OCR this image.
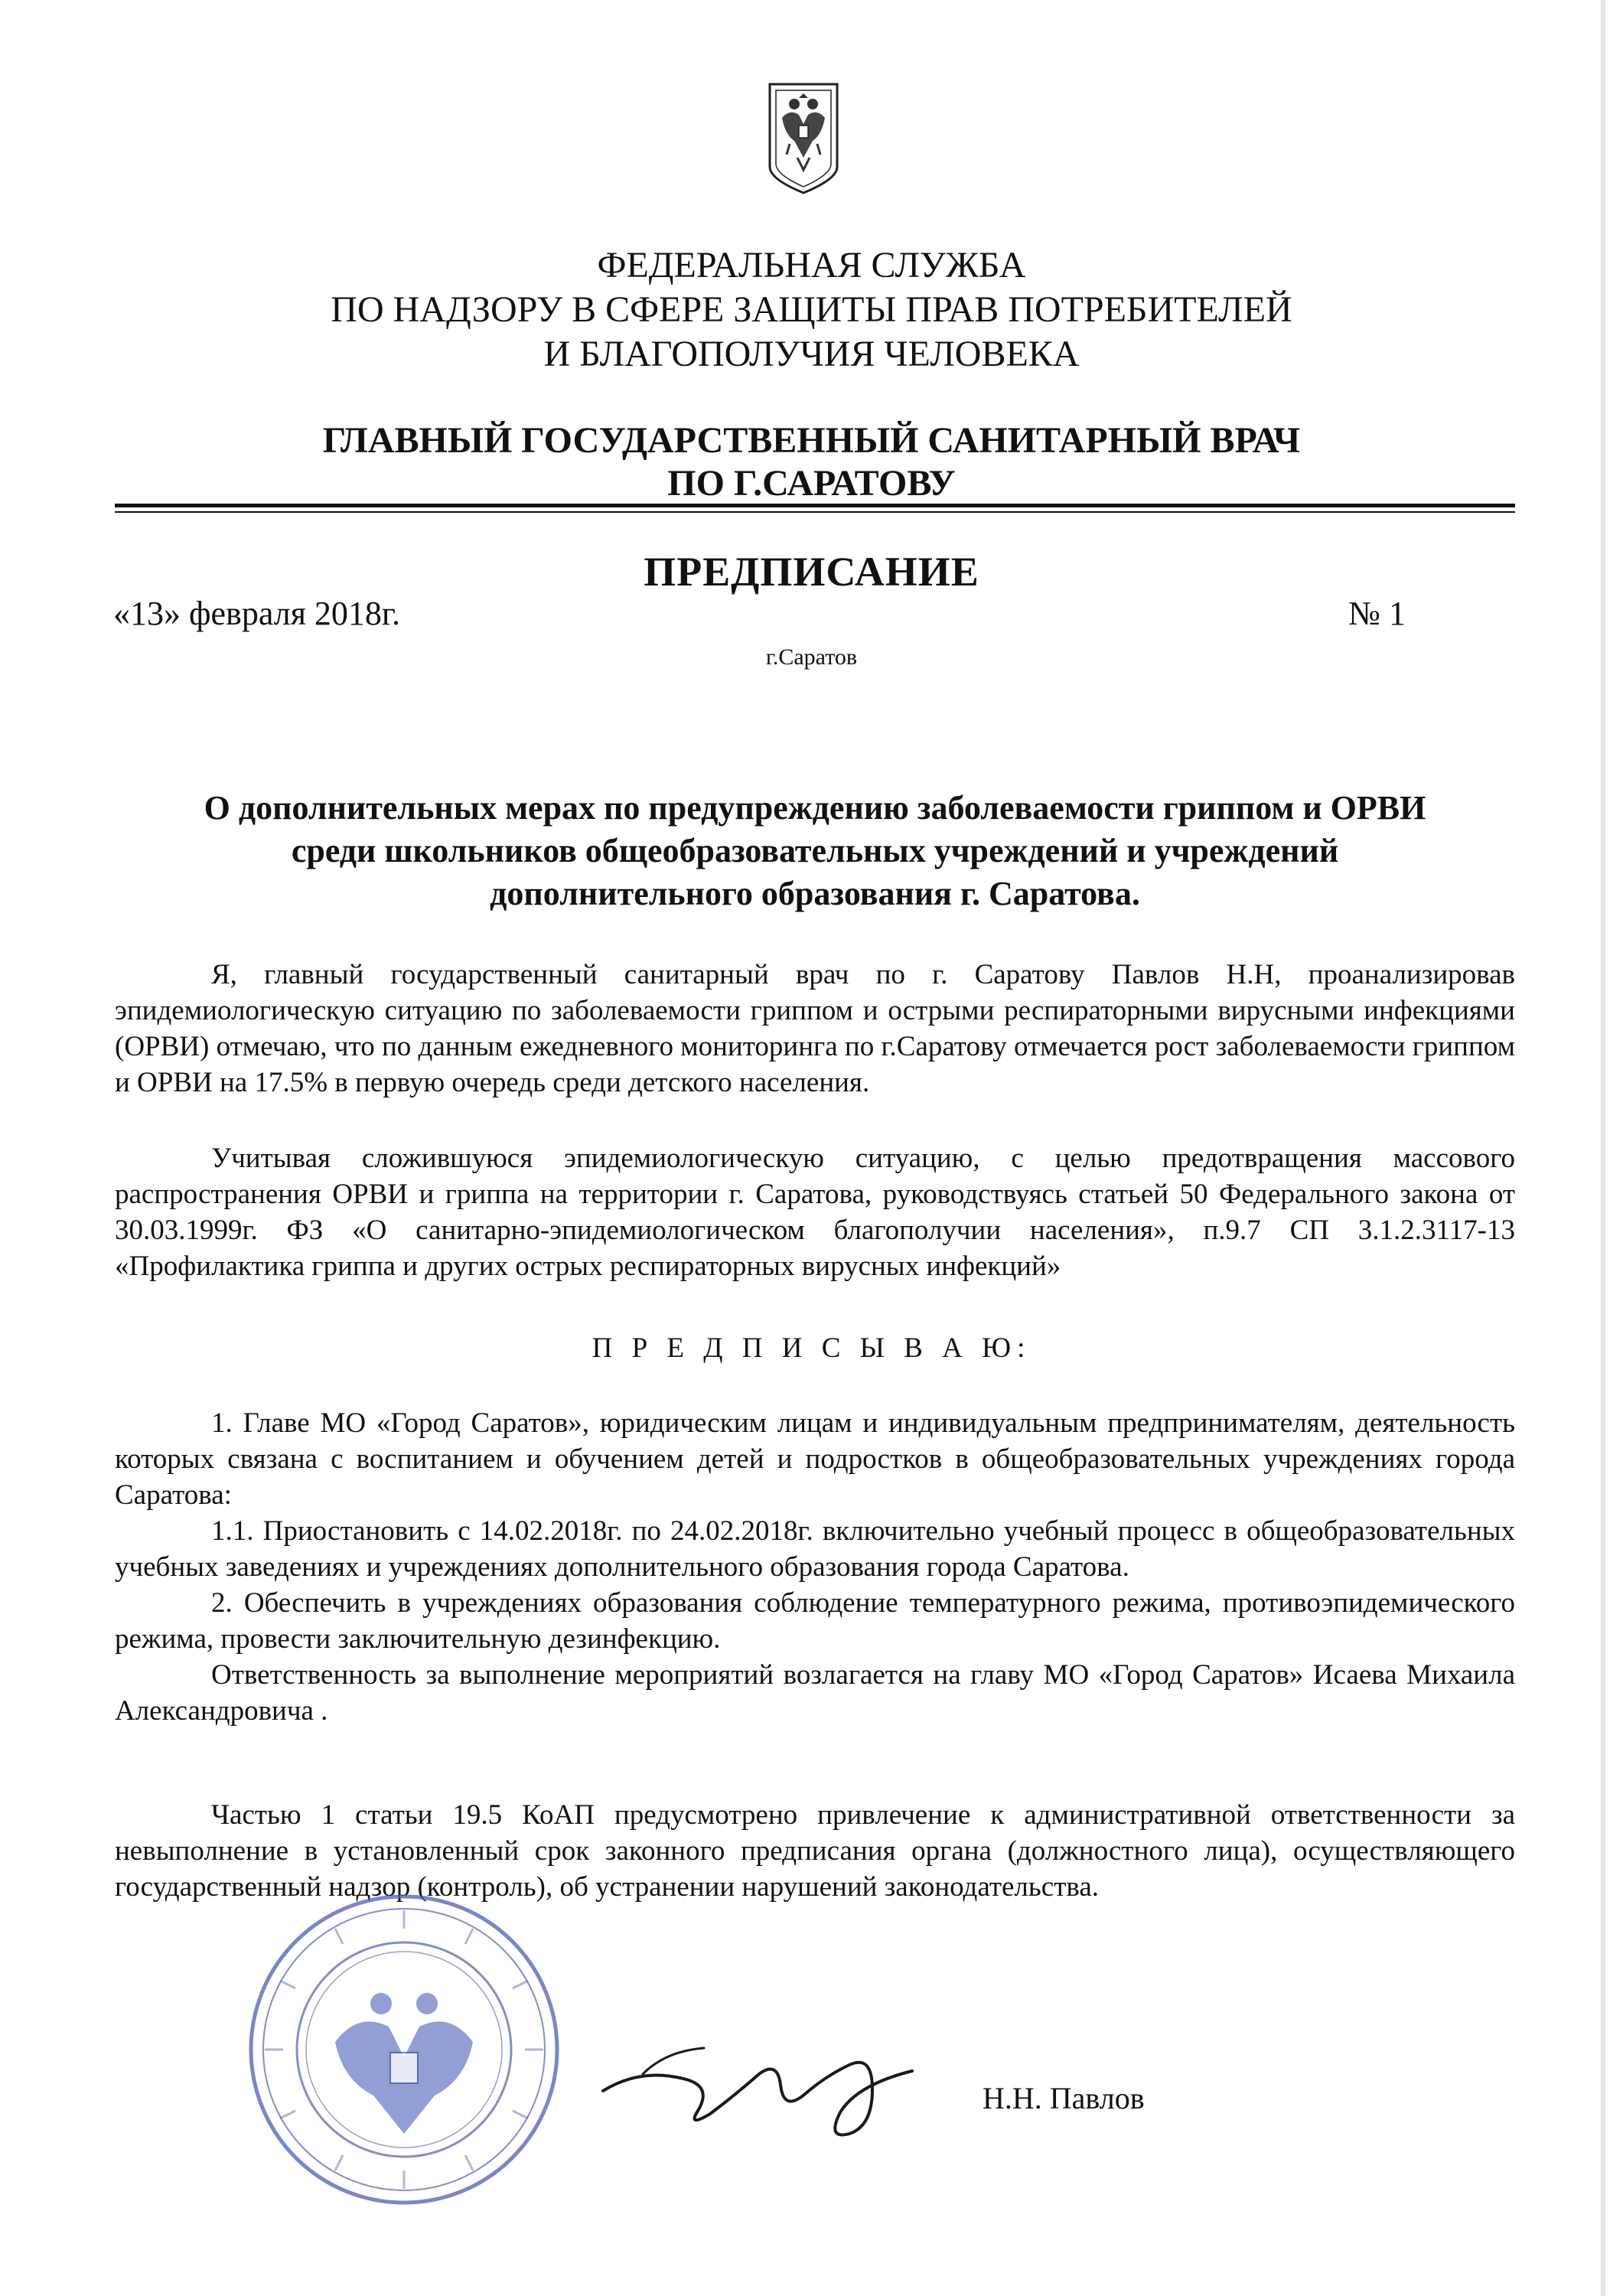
ФЕДЕРАЛЬНАЯ СЛУЖБА
ПО НАДЗОРУ В СФЕРЕ ЗАЩИТЫ ПРАВ ПОТРЕБИТЕЛЕЙ
И БЛАГОПОЛУЧИЯ ЧЕЛОВЕКА
ГЛАВНЫЙ ГОСУДАРСТВЕННЫЙ САНИТАРНЫЙ ВРАЧ
ПО Г.САРАТОВУ
ПРЕДПИСАНИЕ
«13» февраля 2018г.	№ 1
г.Саратов
О дополнительных мерах по предупреждению заболеваемости гриппом и ОРВИ
среди школьников общеобразовательных учреждений и учреждений
дополнительного образования г. Саратова.

Я, главный государственный санитарный врач по г. Саратову Павлов Н.Н, проанализировав эпидемиологическую ситуацию по заболеваемости гриппом и острыми респираторными вирусными инфекциями (ОРВИ) отмечаю, что по данным ежедневного мониторинга по г.Саратову отмечается рост заболеваемости гриппом и ОРВИ на 17.5% в первую очередь среди детского населения.

Учитывая сложившуюся эпидемиологическую ситуацию, с целью предотвращения массового распространения ОРВИ и гриппа на территории г. Саратова, руководствуясь статьей 50 Федерального закона от 30.03.1999г. ФЗ «О санитарно-эпидемиологическом благополучии населения», п.9.7 СП 3.1.2.3117-13 «Профилактика гриппа и других острых респираторных вирусных инфекций»

П Р Е Д П И С Ы В А Ю:

1. Главе МО «Город Саратов», юридическим лицам и индивидуальным предпринимателям, деятельность которых связана с воспитанием и обучением детей и подростков в общеобразовательных учреждениях города Саратова:

1.1. Приостановить с 14.02.2018г. по 24.02.2018г. включительно учебный процесс в общеобразовательных учебных заведениях и учреждениях дополнительного образования города Саратова.

2. Обеспечить в учреждениях образования соблюдение температурного режима, противоэпидемического режима, провести заключительную дезинфекцию.

Ответственность за выполнение мероприятий возлагается на главу МО «Город Саратов» Исаева Михаила Александровича .

Частью 1 статьи 19.5 КоАП предусмотрено привлечение к административной ответственности за невыполнение в установленный срок законного предписания органа (должностного лица), осуществляющего государственный надзор (контроль), об устранении нарушений законодательства.

Н.Н. Павлов
